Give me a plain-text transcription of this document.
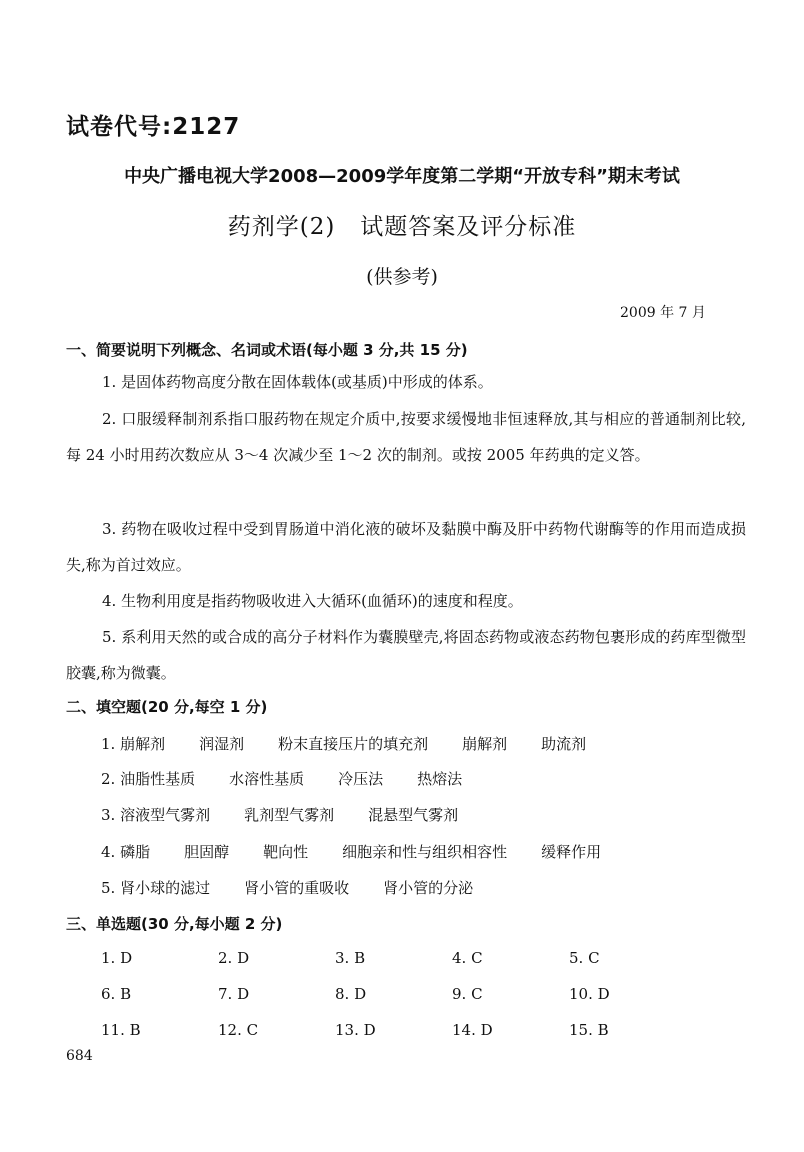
试卷代号:2127
中央广播电视大学2008—2009学年度第二学期“开放专科”期末考试
药剂学(2)   试题答案及评分标准
(供参考)
2009 年 7 月
一、简要说明下列概念、名词或术语(每小题 3 分,共 15 分)
1. 是固体药物高度分散在固体载体(或基质)中形成的体系。
2. 口服缓释制剂系指口服药物在规定介质中,按要求缓慢地非恒速释放,其与相应的普通制剂比较,每 24 小时用药次数应从 3～4 次减少至 1～2 次的制剂。或按 2005 年药典的定义答。
3. 药物在吸收过程中受到胃肠道中消化液的破坏及黏膜中酶及肝中药物代谢酶等的作用而造成损失,称为首过效应。
4. 生物利用度是指药物吸收进入大循环(血循环)的速度和程度。
5. 系利用天然的或合成的高分子材料作为囊膜壁壳,将固态药物或液态药物包裹形成的药库型微型胶囊,称为微囊。
二、填空题(20 分,每空 1 分)
1. 崩解剂 润湿剂 粉末直接压片的填充剂 崩解剂 助流剂
2. 油脂性基质 水溶性基质 冷压法 热熔法
3. 溶液型气雾剂 乳剂型气雾剂 混悬型气雾剂
4. 磷脂 胆固醇 靶向性 细胞亲和性与组织相容性 缓释作用
5. 肾小球的滤过 肾小管的重吸收 肾小管的分泌
三、单选题(30 分,每小题 2 分)
1. D	2. D	3. B	4. C	5. C
6. B	7. D	8. D	9. C	10. D
11. B	12. C	13. D	14. D	15. B
684
